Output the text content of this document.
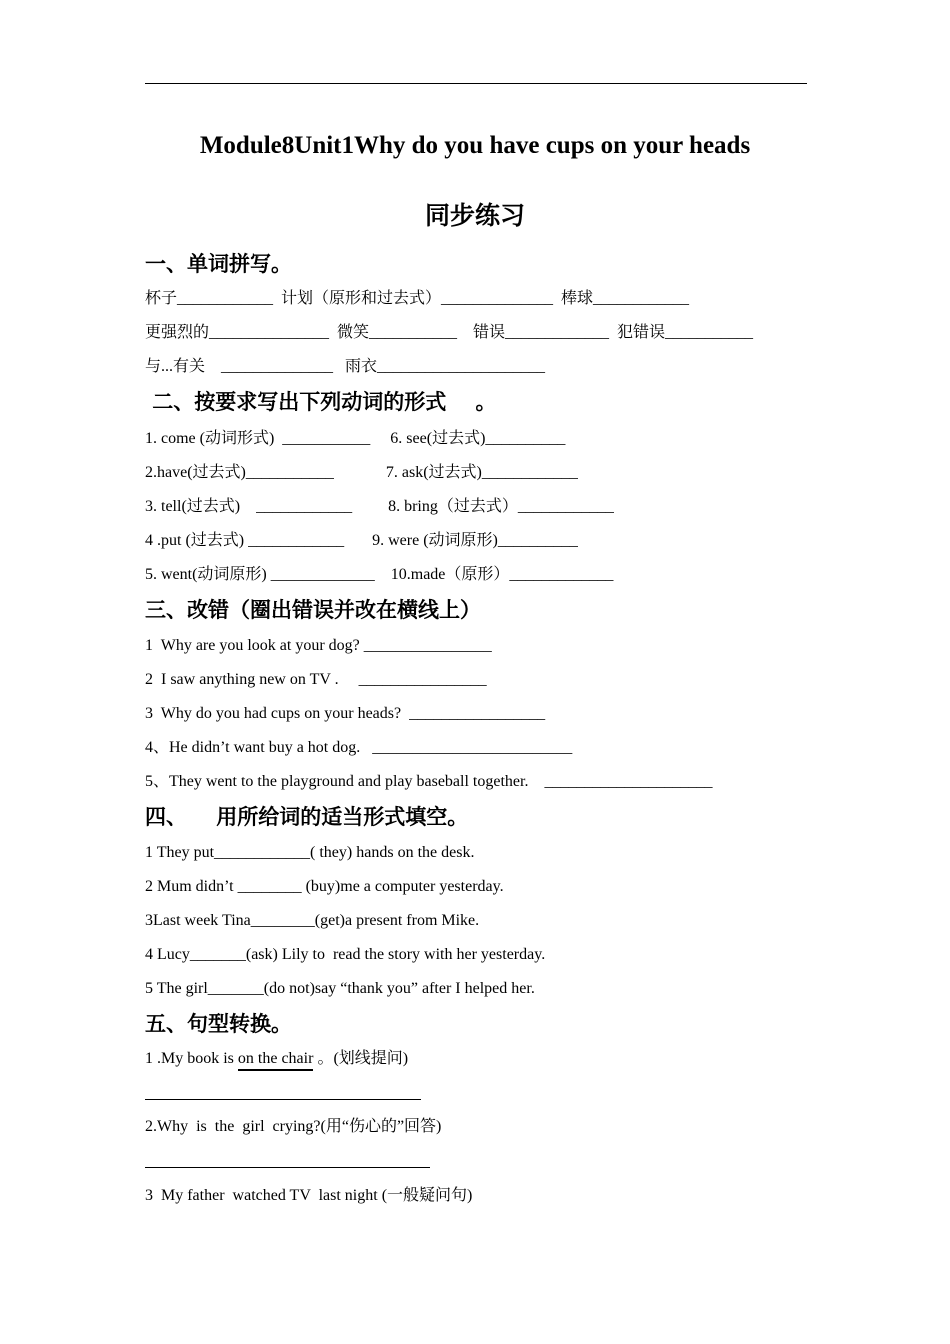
Module8Unit1Why do you have cups on your heads
同步练习
一、单词拼写。
杯子____________  计划（原形和过去式）______________  棒球____________
更强烈的_______________  微笑___________    错误_____________  犯错误___________
与...有关    ______________   雨衣_____________________
二、按要求写出下列动词的形式    。
1. come (动词形式)  ___________     6. see(过去式)__________
2.have(过去式)___________             7. ask(过去式)____________
3. tell(过去式)    ____________         8. bring（过去式）____________
4 .put (过去式) ____________       9. were (动词原形)__________
5. went(动词原形) _____________    10.made（原形）_____________
三、改错（圈出错误并改在横线上）
1  Why are you look at your dog? ________________
2  I saw anything new on TV .     ________________
3  Why do you had cups on your heads?  _________________
4、He didn’t want buy a hot dog.   _________________________
5、They went to the playground and play baseball together.    _____________________
四、    用所给词的适当形式填空。
1 They put____________( they) hands on the desk.
2 Mum didn’t ________ (buy)me a computer yesterday.
3Last week Tina________(get)a present from Mike.
4 Lucy_______(ask) Lily to  read the story with her yesterday.
5 The girl_______(do not)say “thank you” after I helped her.
五、句型转换。
1 .My book is on the chair 。(划线提问)
2.Why  is  the  girl  crying?(用“伤心的”回答)
3  My father  watched TV  last night (一般疑问句)
